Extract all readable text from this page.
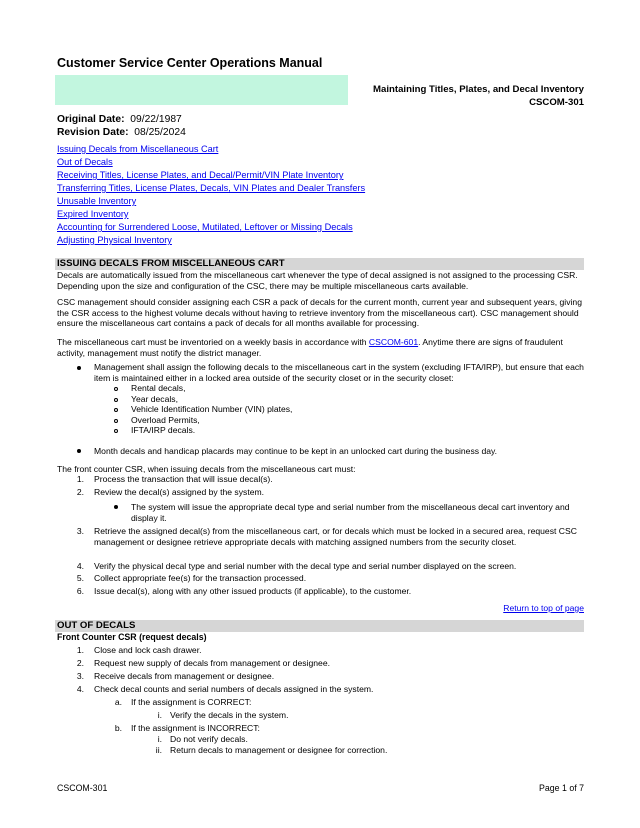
Customer Service Center Operations Manual
Maintaining Titles, Plates, and Decal Inventory
CSCOM-301
Original Date: 09/22/1987
Revision Date: 08/25/2024
Issuing Decals from Miscellaneous Cart
Out of Decals
Receiving Titles, License Plates, and Decal/Permit/VIN Plate Inventory
Transferring Titles, License Plates, Decals, VIN Plates and Dealer Transfers
Unusable Inventory
Expired Inventory
Accounting for Surrendered Loose, Mutilated, Leftover or Missing Decals
Adjusting Physical Inventory
ISSUING DECALS FROM MISCELLANEOUS CART
Decals are automatically issued from the miscellaneous cart whenever the type of decal assigned is not assigned to the processing CSR. Depending upon the size and configuration of the CSC, there may be multiple miscellaneous carts available.
CSC management should consider assigning each CSR a pack of decals for the current month, current year and subsequent years, giving the CSR access to the highest volume decals without having to retrieve inventory from the miscellaneous cart). CSC management should ensure the miscellaneous cart contains a pack of decals for all months available for processing.
The miscellaneous cart must be inventoried on a weekly basis in accordance with CSCOM-601. Anytime there are signs of fraudulent activity, management must notify the district manager.
Management shall assign the following decals to the miscellaneous cart in the system (excluding IFTA/IRP), but ensure that each item is maintained either in a locked area outside of the security closet or in the security closet:
Rental decals,
Year decals,
Vehicle Identification Number (VIN) plates,
Overload Permits,
IFTA/IRP decals.
Month decals and handicap placards may continue to be kept in an unlocked cart during the business day.
The front counter CSR, when issuing decals from the miscellaneous cart must:
1. Process the transaction that will issue decal(s).
2. Review the decal(s) assigned by the system.
The system will issue the appropriate decal type and serial number from the miscellaneous decal cart inventory and display it.
3. Retrieve the assigned decal(s) from the miscellaneous cart, or for decals which must be locked in a secured area, request CSC management or designee retrieve appropriate decals with matching assigned numbers from the security closet.
4. Verify the physical decal type and serial number with the decal type and serial number displayed on the screen.
5. Collect appropriate fee(s) for the transaction processed.
6. Issue decal(s), along with any other issued products (if applicable), to the customer.
Return to top of page
OUT OF DECALS
Front Counter CSR (request decals)
1. Close and lock cash drawer.
2. Request new supply of decals from management or designee.
3. Receive decals from management or designee.
4. Check decal counts and serial numbers of decals assigned in the system.
a. If the assignment is CORRECT:
i. Verify the decals in the system.
b. If the assignment is INCORRECT:
i. Do not verify decals.
ii. Return decals to management or designee for correction.
CSCOM-301	Page 1 of 7
